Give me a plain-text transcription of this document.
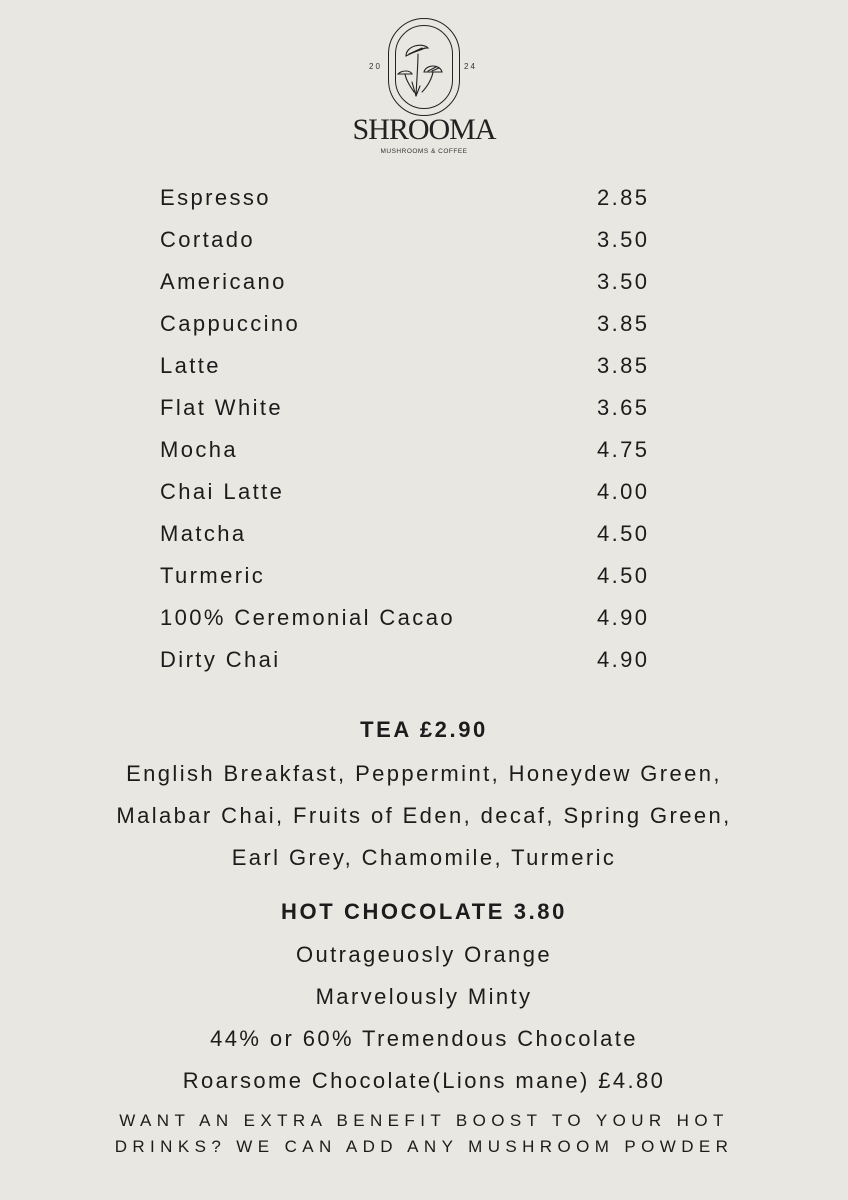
20	24
SHROOMA
MUSHROOMS & COFFEE
Espresso	2.85
Cortado	3.50
Americano	3.50
Cappuccino	3.85
Latte	3.85
Flat White	3.65
Mocha	4.75
Chai Latte	4.00
Matcha	4.50
Turmeric	4.50
100% Ceremonial Cacao	4.90
Dirty Chai	4.90
TEA £2.90
English Breakfast, Peppermint, Honeydew Green,
Malabar Chai, Fruits of Eden, decaf, Spring Green,
Earl Grey, Chamomile, Turmeric
HOT CHOCOLATE 3.80
Outrageuosly Orange
Marvelously Minty
44% or 60% Tremendous Chocolate
Roarsome Chocolate(Lions mane) £4.80
WANT AN EXTRA BENEFIT BOOST TO YOUR HOT
DRINKS? WE CAN ADD ANY MUSHROOM POWDER
